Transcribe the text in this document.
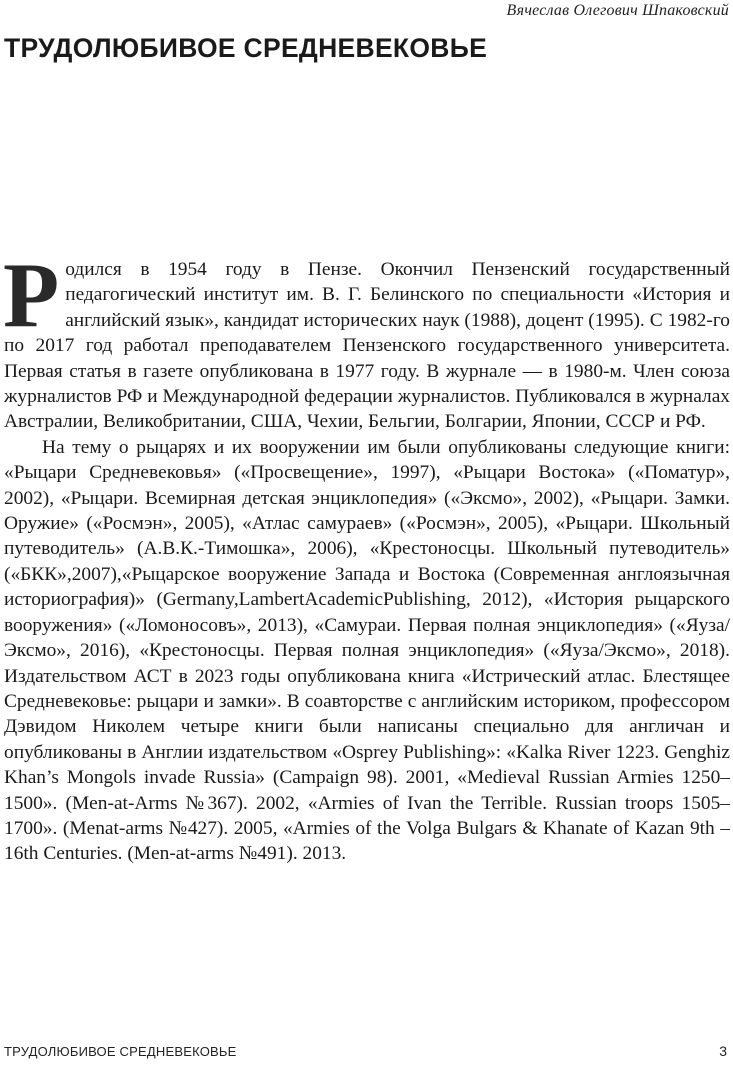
Вячеслав Олегович Шпаковский
ТРУДОЛЮБИВОЕ СРЕДНЕВЕКОВЬЕ

Родился в 1954 году в Пензе. Окончил Пензенский государственный педагогический институт им. В. Г. Белинского по специальности «История и английский язык», кандидат исторических наук (1988), доцент (1995). С 1982-го по 2017 год работал преподавателем Пензенского государственного университета. Первая статья в газете опубликована в 1977 году. В журнале — в 1980-м. Член союза журналистов РФ и Международной федерации журналистов. Публиковался в журналах Австралии, Великобритании, США, Чехии, Бельгии, Болгарии, Японии, СССР и РФ.

На тему о рыцарях и их вооружении им были опубликованы следующие книги: «Рыцари Средневековья» («Просвещение», 1997), «Рыцари Востока» («Поматур», 2002), «Рыцари. Всемирная детская энциклопедия» («Эксмо», 2002), «Рыцари. Замки. Оружие» («Росмэн», 2005), «Атлас самураев» («Росмэн», 2005), «Рыцари. Школьный путеводитель» (А.В.К.-Тимошка», 2006), «Крестоносцы. Школьный путеводитель» («БКК»,2007),«Рыцарское вооружение Запада и Востока (Современная англоязычная историография)» (Germany,LambertAcademicPublishing, 2012), «История рыцарского вооружения» («Ломоносовъ», 2013), «Самураи. Первая полная энциклопедия» («Яуза/Эксмо», 2016), «Крестоносцы. Первая полная энциклопедия» («Яуза/Эксмо», 2018). Издательством АСТ в 2023 годы опубликована книга «Истрический атлас. Блестящее Средневековье: рыцари и замки». В соавторстве с английским историком, профессором Дэвидом Николем четыре книги были написаны специально для англичан и опубликованы в Англии издательством «Osprey Publishing»: «Kalka River 1223. Genghiz Khan’s Mongols invade Russia» (Campaign 98). 2001, «Medieval Russian Armies 1250–1500». (Men-at-Arms №367). 2002, «Armies of Ivan the Terrible. Russian troops 1505–1700». (Menat-arms №427). 2005, «Armies of the Volga Bulgars & Khanate of Kazan 9th – 16th Centuries. (Men-at-arms №491). 2013.

ТРУДОЛЮБИВОЕ СРЕДНЕВЕКОВЬЕ	3
